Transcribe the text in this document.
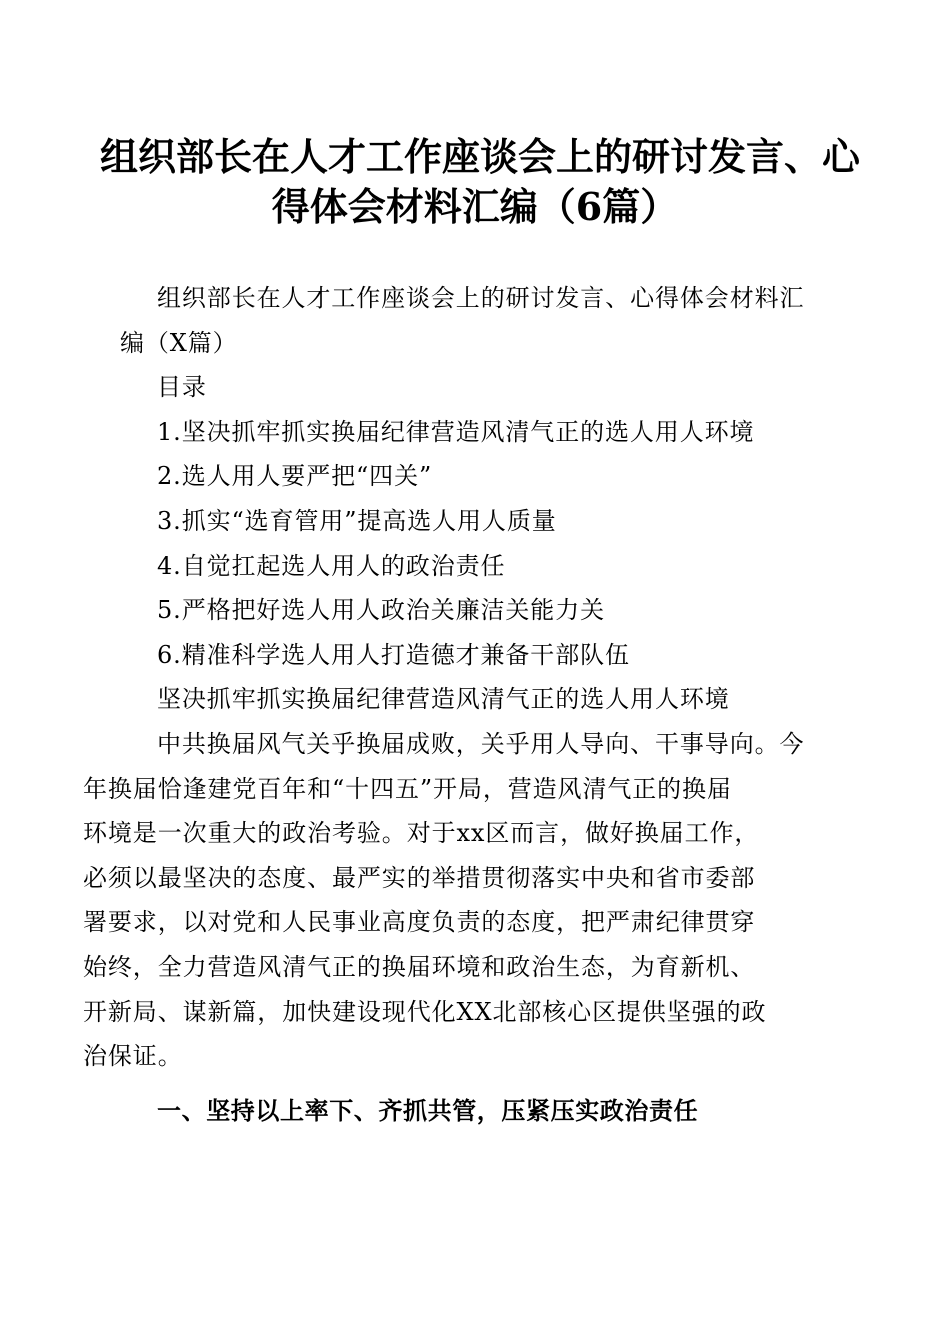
组织部长在人才工作座谈会上的研讨发言、心
得体会材料汇编（6篇）

组织部长在人才工作座谈会上的研讨发言、心得体会材料汇
编（X篇）

目录

1.坚决抓牢抓实换届纪律营造风清气正的选人用人环境

2.选人用人要严把“四关”

3.抓实“选育管用”提高选人用人质量

4.自觉扛起选人用人的政治责任

5.严格把好选人用人政治关廉洁关能力关

6.精准科学选人用人打造德才兼备干部队伍

坚决抓牢抓实换届纪律营造风清气正的选人用人环境

中共换届风气关乎换届成败，关乎用人导向、干事导向。今
年换届恰逢建党百年和“十四五”开局，营造风清气正的换届
环境是一次重大的政治考验。对于xx区而言，做好换届工作，
必须以最坚决的态度、最严实的举措贯彻落实中央和省市委部
署要求，以对党和人民事业高度负责的态度，把严肃纪律贯穿
始终，全力营造风清气正的换届环境和政治生态，为育新机、
开新局、谋新篇，加快建设现代化XX北部核心区提供坚强的政
治保证。

一、坚持以上率下、齐抓共管，压紧压实政治责任
